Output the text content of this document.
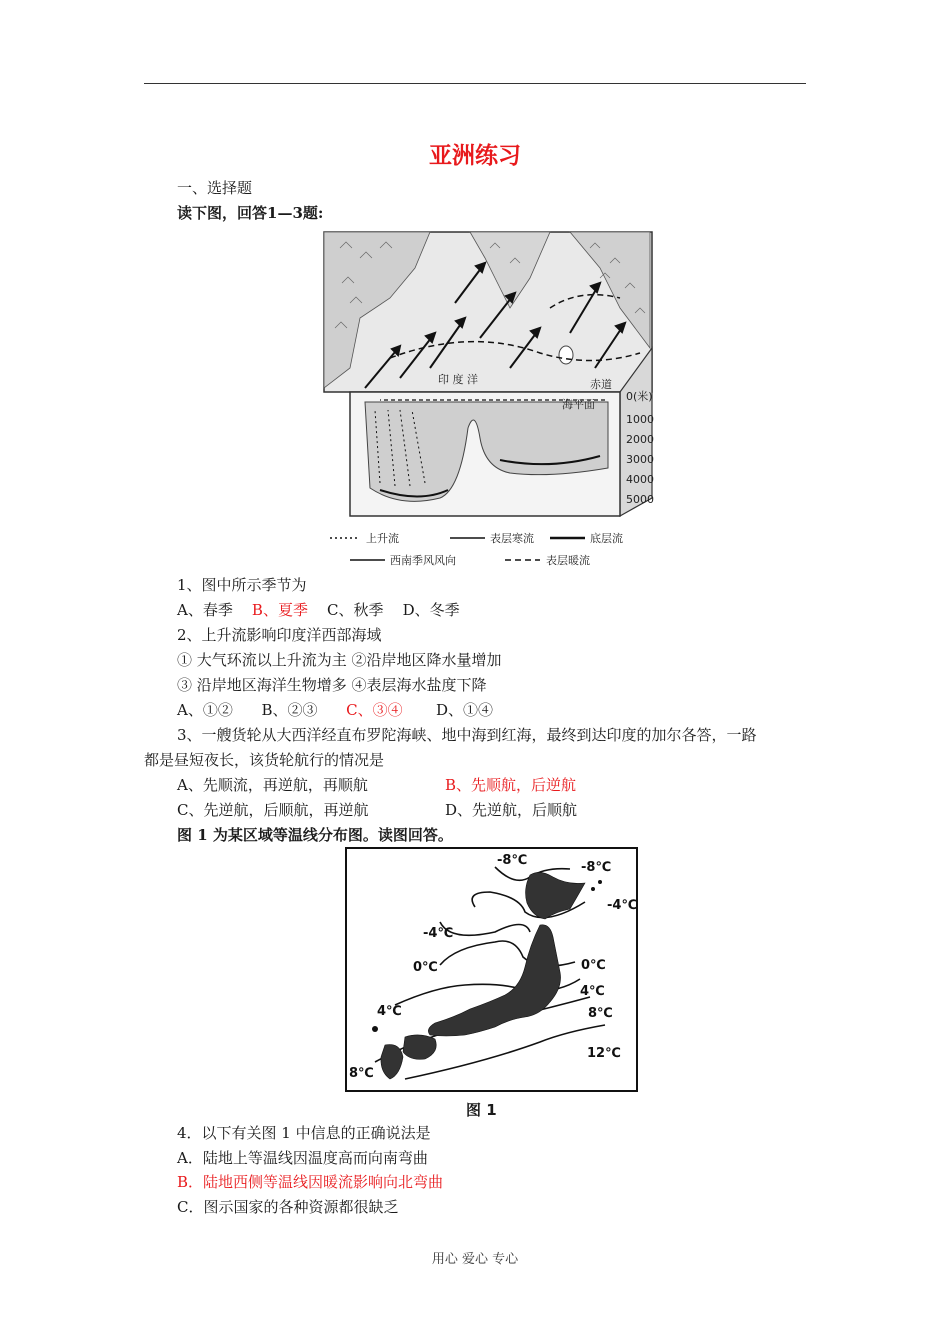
亚洲练习
一、选择题
读下图，回答1—3题:
印 度 洋	赤道
海平面
0(米)
1000
2000
3000
4000
5000
上升流	表层寒流	底层流
西南季风风向	表层暖流
1、图中所示季节为
A、春季 B、夏季 C、秋季 D、冬季
2、上升流影响印度洋西部海域
① 大气环流以上升流为主 ②沿岸地区降水量增加
③ 沿岸地区海洋生物增多 ④表层海水盐度下降
A、①② B、②③ C、③④ D、①④
3、一艘货轮从大西洋经直布罗陀海峡、地中海到红海，最终到达印度的加尔各答，一路
都是昼短夜长，该货轮航行的情况是
A、先顺流，再逆航，再顺航	B、先顺航，后逆航
C、先逆航，后顺航，再逆航	D、先逆航，后顺航
图 1 为某区域等温线分布图。读图回答。
-8℃	-8℃
-4℃
-4℃
0℃	0℃
4℃
4℃	8℃
8℃
12℃
图 1
4．以下有关图 1 中信息的正确说法是
A．陆地上等温线因温度高而向南弯曲
B．陆地西侧等温线因暖流影响向北弯曲
C．图示国家的各种资源都很缺乏
用心 爱心 专心
